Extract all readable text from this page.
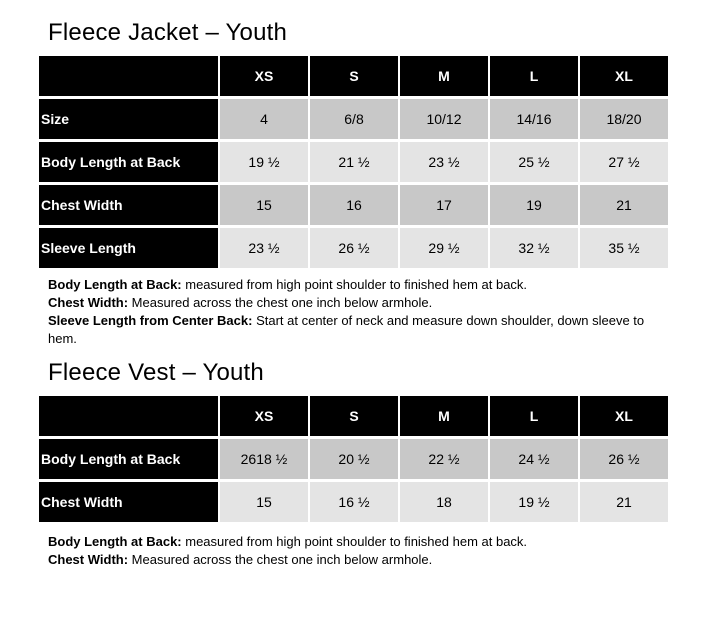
Fleece Jacket – Youth
	XS	S	M	L	XL
Size	4	6/8	10/12	14/16	18/20
Body Length at Back	19 ½	21 ½	23 ½	25 ½	27 ½
Chest Width	15	16	17	19	21
Sleeve Length	23 ½	26 ½	29 ½	32 ½	35 ½

Body Length at Back: measured from high point shoulder to finished hem at back.

Chest Width: Measured across the chest one inch below armhole.

Sleeve Length from Center Back: Start at center of neck and measure down shoulder, down sleeve to hem.

Fleece Vest – Youth
	XS	S	M	L	XL
Body Length at Back	2618 ½	20 ½	22 ½	24 ½	26 ½
Chest Width	15	16 ½	18	19 ½	21

Body Length at Back: measured from high point shoulder to finished hem at back.

Chest Width: Measured across the chest one inch below armhole.
